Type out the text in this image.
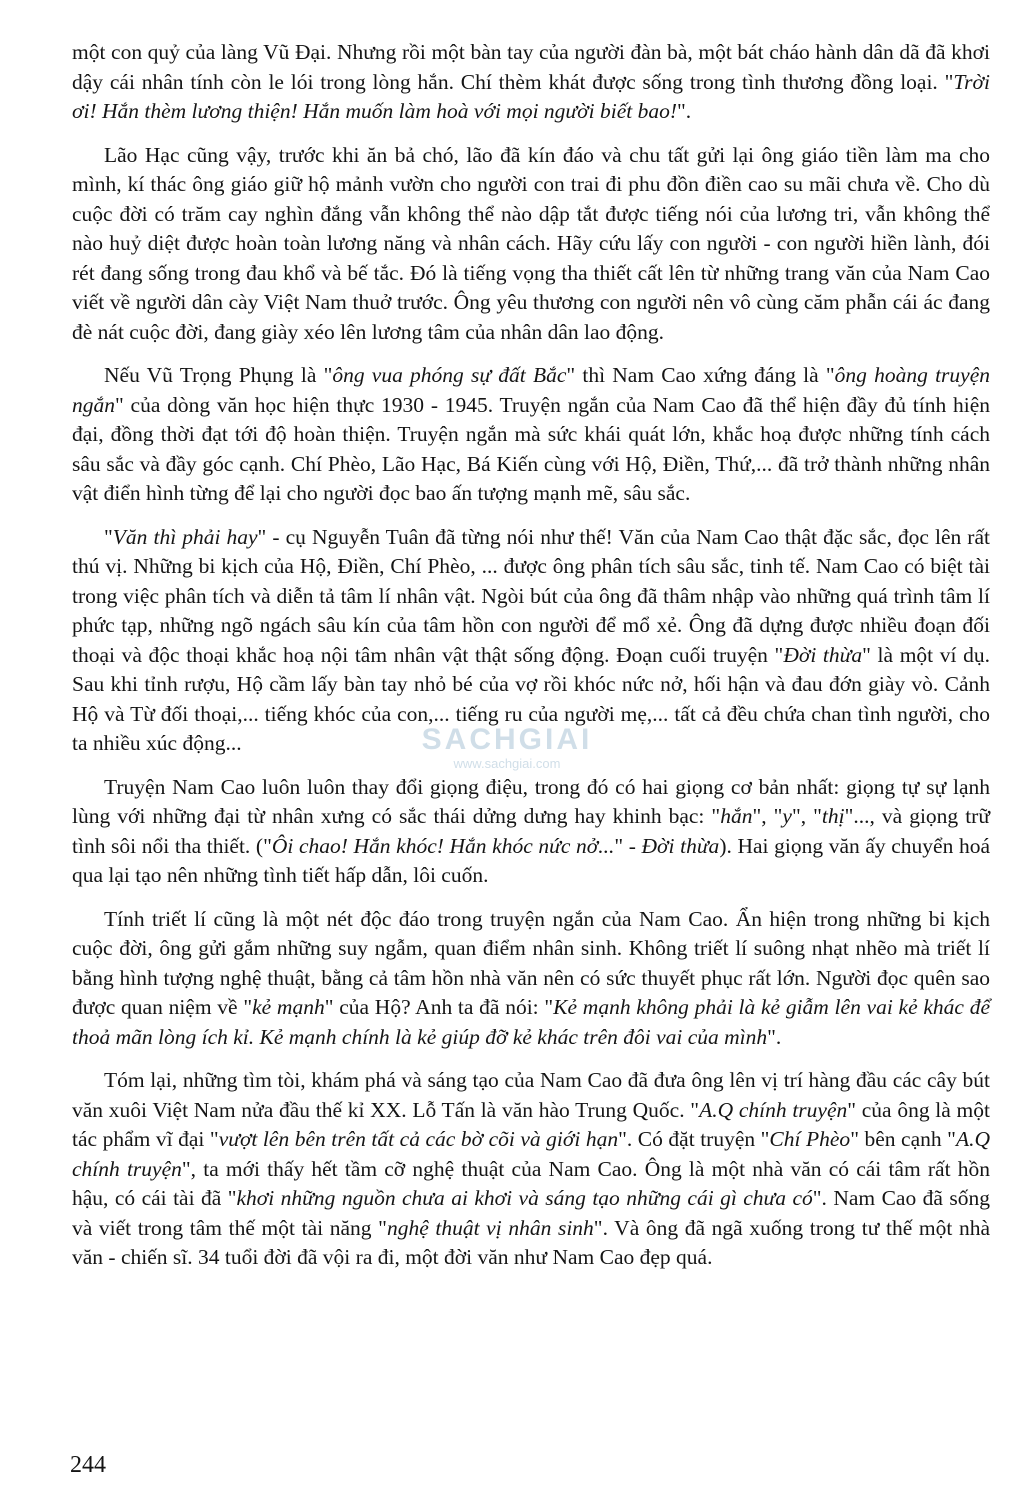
một con quỷ của làng Vũ Đại. Nhưng rồi một bàn tay của người đàn bà, một bát cháo hành dân dã đã khơi dậy cái nhân tính còn le lói trong lòng hắn. Chí thèm khát được sống trong tình thương đồng loại. "Trời ơi! Hắn thèm lương thiện! Hắn muốn làm hoà với mọi người biết bao!".

Lão Hạc cũng vậy, trước khi ăn bả chó, lão đã kín đáo và chu tất gửi lại ông giáo tiền làm ma cho mình, kí thác ông giáo giữ hộ mảnh vườn cho người con trai đi phu đồn điền cao su mãi chưa về. Cho dù cuộc đời có trăm cay nghìn đắng vẫn không thể nào dập tắt được tiếng nói của lương tri, vẫn không thể nào huỷ diệt được hoàn toàn lương năng và nhân cách. Hãy cứu lấy con người - con người hiền lành, đói rét đang sống trong đau khổ và bế tắc. Đó là tiếng vọng tha thiết cất lên từ những trang văn của Nam Cao viết về người dân cày Việt Nam thuở trước. Ông yêu thương con người nên vô cùng căm phẫn cái ác đang đè nát cuộc đời, đang giày xéo lên lương tâm của nhân dân lao động.

Nếu Vũ Trọng Phụng là "ông vua phóng sự đất Bắc" thì Nam Cao xứng đáng là "ông hoàng truyện ngắn" của dòng văn học hiện thực 1930 - 1945. Truyện ngắn của Nam Cao đã thể hiện đầy đủ tính hiện đại, đồng thời đạt tới độ hoàn thiện. Truyện ngắn mà sức khái quát lớn, khắc hoạ được những tính cách sâu sắc và đầy góc cạnh. Chí Phèo, Lão Hạc, Bá Kiến cùng với Hộ, Điền, Thứ,... đã trở thành những nhân vật điển hình từng để lại cho người đọc bao ấn tượng mạnh mẽ, sâu sắc.

"Văn thì phải hay" - cụ Nguyễn Tuân đã từng nói như thế! Văn của Nam Cao thật đặc sắc, đọc lên rất thú vị. Những bi kịch của Hộ, Điền, Chí Phèo, ... được ông phân tích sâu sắc, tinh tế. Nam Cao có biệt tài trong việc phân tích và diễn tả tâm lí nhân vật. Ngòi bút của ông đã thâm nhập vào những quá trình tâm lí phức tạp, những ngõ ngách sâu kín của tâm hồn con người để mổ xẻ. Ông đã dựng được nhiều đoạn đối thoại và độc thoại khắc hoạ nội tâm nhân vật thật sống động. Đoạn cuối truyện "Đời thừa" là một ví dụ. Sau khi tỉnh rượu, Hộ cầm lấy bàn tay nhỏ bé của vợ rồi khóc nức nở, hối hận và đau đớn giày vò. Cảnh Hộ và Từ đối thoại,... tiếng khóc của con,... tiếng ru của người mẹ,... tất cả đều chứa chan tình người, cho ta nhiều xúc động...

Truyện Nam Cao luôn luôn thay đổi giọng điệu, trong đó có hai giọng cơ bản nhất: giọng tự sự lạnh lùng với những đại từ nhân xưng có sắc thái dửng dưng hay khinh bạc: "hắn", "y", "thị"..., và giọng trữ tình sôi nổi tha thiết. ("Ôi chao! Hắn khóc! Hắn khóc nức nở..." - Đời thừa). Hai giọng văn ấy chuyển hoá qua lại tạo nên những tình tiết hấp dẫn, lôi cuốn.

Tính triết lí cũng là một nét độc đáo trong truyện ngắn của Nam Cao. Ẩn hiện trong những bi kịch cuộc đời, ông gửi gắm những suy ngẫm, quan điểm nhân sinh. Không triết lí suông nhạt nhẽo mà triết lí bằng hình tượng nghệ thuật, bằng cả tâm hồn nhà văn nên có sức thuyết phục rất lớn. Người đọc quên sao được quan niệm về "kẻ mạnh" của Hộ? Anh ta đã nói: "Kẻ mạnh không phải là kẻ giẫm lên vai kẻ khác để thoả mãn lòng ích kỉ. Kẻ mạnh chính là kẻ giúp đỡ kẻ khác trên đôi vai của mình".

Tóm lại, những tìm tòi, khám phá và sáng tạo của Nam Cao đã đưa ông lên vị trí hàng đầu các cây bút văn xuôi Việt Nam nửa đầu thế kỉ XX. Lỗ Tấn là văn hào Trung Quốc. "A.Q chính truyện" của ông là một tác phẩm vĩ đại "vượt lên bên trên tất cả các bờ cõi và giới hạn". Có đặt truyện "Chí Phèo" bên cạnh "A.Q chính truyện", ta mới thấy hết tầm cỡ nghệ thuật của Nam Cao. Ông là một nhà văn có cái tâm rất hồn hậu, có cái tài đã "khơi những nguồn chưa ai khơi và sáng tạo những cái gì chưa có". Nam Cao đã sống và viết trong tâm thế một tài năng "nghệ thuật vị nhân sinh". Và ông đã ngã xuống trong tư thế một nhà văn - chiến sĩ. 34 tuổi đời đã vội ra đi, một đời văn như Nam Cao đẹp quá.

SACHGIAI
www.sachgiai.com
244
